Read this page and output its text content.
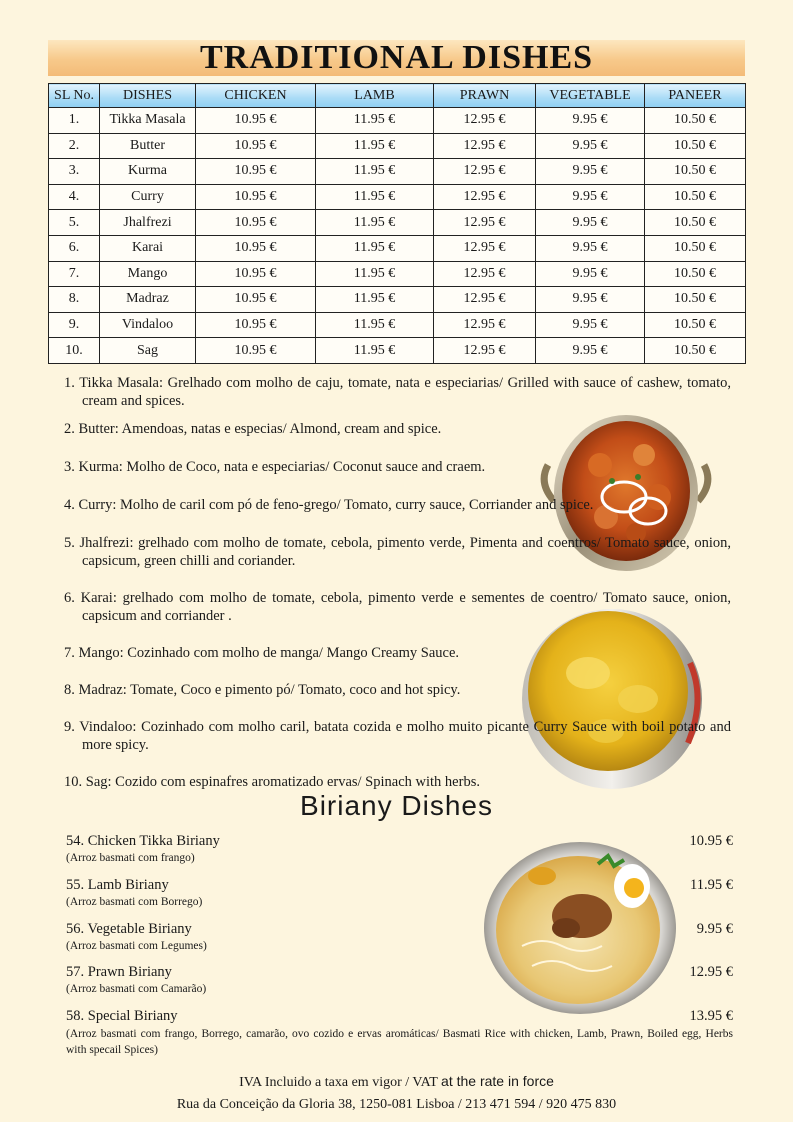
TRADITIONAL DISHES
SL No.	DISHES	CHICKEN	LAMB	PRAWN	VEGETABLE	PANEER
1.	Tikka Masala	10.95 €	11.95 €	12.95 €	9.95 €	10.50 €
2.	Butter	10.95 €	11.95 €	12.95 €	9.95 €	10.50 €
3.	Kurma	10.95 €	11.95 €	12.95 €	9.95 €	10.50 €
4.	Curry	10.95 €	11.95 €	12.95 €	9.95 €	10.50 €
5.	Jhalfrezi	10.95 €	11.95 €	12.95 €	9.95 €	10.50 €
6.	Karai	10.95 €	11.95 €	12.95 €	9.95 €	10.50 €
7.	Mango	10.95 €	11.95 €	12.95 €	9.95 €	10.50 €
8.	Madraz	10.95 €	11.95 €	12.95 €	9.95 €	10.50 €
9.	Vindaloo	10.95 €	11.95 €	12.95 €	9.95 €	10.50 €
10.	Sag	10.95 €	11.95 €	12.95 €	9.95 €	10.50 €

1. Tikka Masala: Grelhado com molho de caju, tomate, nata e especiarias/ Grilled with sauce of cashew, tomato, cream and spices.

2. Butter: Amendoas, natas e especias/ Almond, cream and spice.

3. Kurma: Molho de Coco, nata e especiarias/ Coconut sauce and craem.

4. Curry: Molho de caril com pó de feno-grego/ Tomato, curry sauce, Corriander and spice.

5. Jhalfrezi: grelhado com molho de tomate, cebola, pimento verde, Pimenta and coentros/ Tomato sauce, onion, capsicum, green chilli and coriander.

6. Karai: grelhado com molho de tomate, cebola, pimento verde e sementes de coentro/ Tomato sauce, onion, capsicum and corriander .

7. Mango: Cozinhado com molho de manga/ Mango Creamy Sauce.

8. Madraz: Tomate, Coco e pimento pó/ Tomato, coco and hot spicy.

9. Vindaloo: Cozinhado com molho caril, batata cozida e molho muito picante Curry Sauce with boil potato and more spicy.

10. Sag: Cozido com espinafres aromatizado ervas/ Spinach with herbs.

Biriany Dishes
54. Chicken Tikka Biriany	10.95 €
(Arroz basmati com frango)
55. Lamb Biriany	11.95 €
(Arroz basmati com Borrego)
56. Vegetable Biriany	9.95 €
(Arroz basmati com Legumes)
57. Prawn Biriany	12.95 €
(Arroz basmati com Camarão)
58. Special Biriany	13.95 €
(Arroz basmati com frango, Borrego, camarão, ovo cozido e ervas aromáticas/ Basmati Rice with chicken, Lamb, Prawn, Boiled egg, Herbs with specail Spices)
IVA Incluido a taxa em vigor / VAT at the rate in force
Rua da Conceição da Gloria 38, 1250-081 Lisboa / 213 471 594 / 920 475 830
